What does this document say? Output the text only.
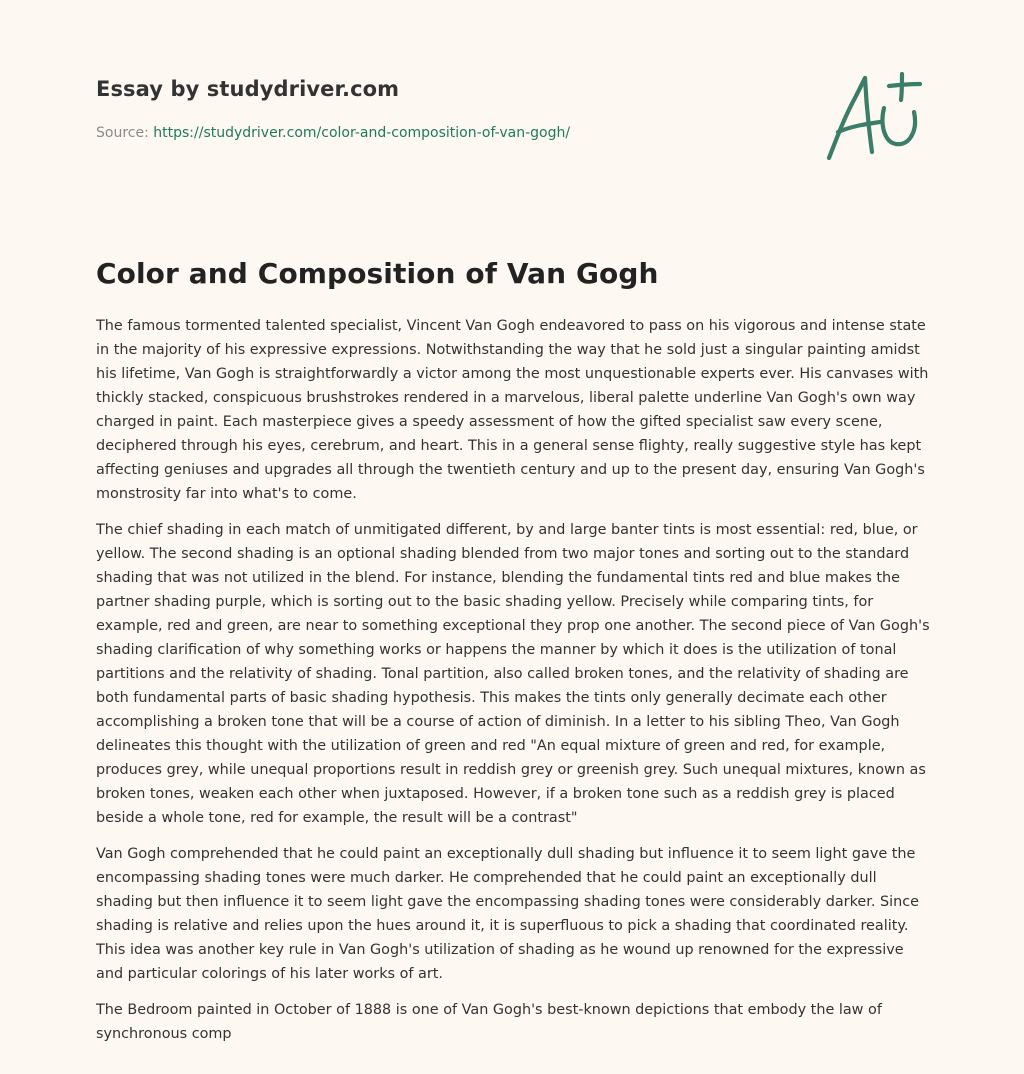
Essay by studydriver.com
Source: https://studydriver.com/color-and-composition-of-van-gogh/
Color and Composition of Van Gogh

The famous tormented talented specialist, Vincent Van Gogh endeavored to pass on his vigorous and intense state in the majority of his expressive expressions. Notwithstanding the way that he sold just a singular painting amidst his lifetime, Van Gogh is straightforwardly a victor among the most unquestionable experts ever. His canvases with thickly stacked, conspicuous brushstrokes rendered in a marvelous, liberal palette underline Van Gogh's own way charged in paint. Each masterpiece gives a speedy assessment of how the gifted specialist saw every scene, deciphered through his eyes, cerebrum, and heart. This in a general sense flighty, really suggestive style has kept affecting geniuses and upgrades all through the twentieth century and up to the present day, ensuring Van Gogh's monstrosity far into what's to come.

The chief shading in each match of unmitigated different, by and large banter tints is most essential: red, blue, or yellow. The second shading is an optional shading blended from two major tones and sorting out to the standard shading that was not utilized in the blend. For instance, blending the fundamental tints red and blue makes the partner shading purple, which is sorting out to the basic shading yellow. Precisely while comparing tints, for example, red and green, are near to something exceptional they prop one another. The second piece of Van Gogh's shading clarification of why something works or happens the manner by which it does is the utilization of tonal partitions and the relativity of shading. Tonal partition, also called broken tones, and the relativity of shading are both fundamental parts of basic shading hypothesis. This makes the tints only generally decimate each other accomplishing a broken tone that will be a course of action of diminish. In a letter to his sibling Theo, Van Gogh delineates this thought with the utilization of green and red "An equal mixture of green and red, for example, produces grey, while unequal proportions result in reddish grey or greenish grey. Such unequal mixtures, known as broken tones, weaken each other when juxtaposed. However, if a broken tone such as a reddish grey is placed beside a whole tone, red for example, the result will be a contrast"

Van Gogh comprehended that he could paint an exceptionally dull shading but influence it to seem light gave the encompassing shading tones were much darker. He comprehended that he could paint an exceptionally dull shading but then influence it to seem light gave the encompassing shading tones were considerably darker. Since shading is relative and relies upon the hues around it, it is superfluous to pick a shading that coordinated reality. This idea was another key rule in Van Gogh's utilization of shading as he wound up renowned for the expressive and particular colorings of his later works of art.

The Bedroom painted in October of 1888 is one of Van Gogh's best-known depictions that embody the law of synchronous comp
